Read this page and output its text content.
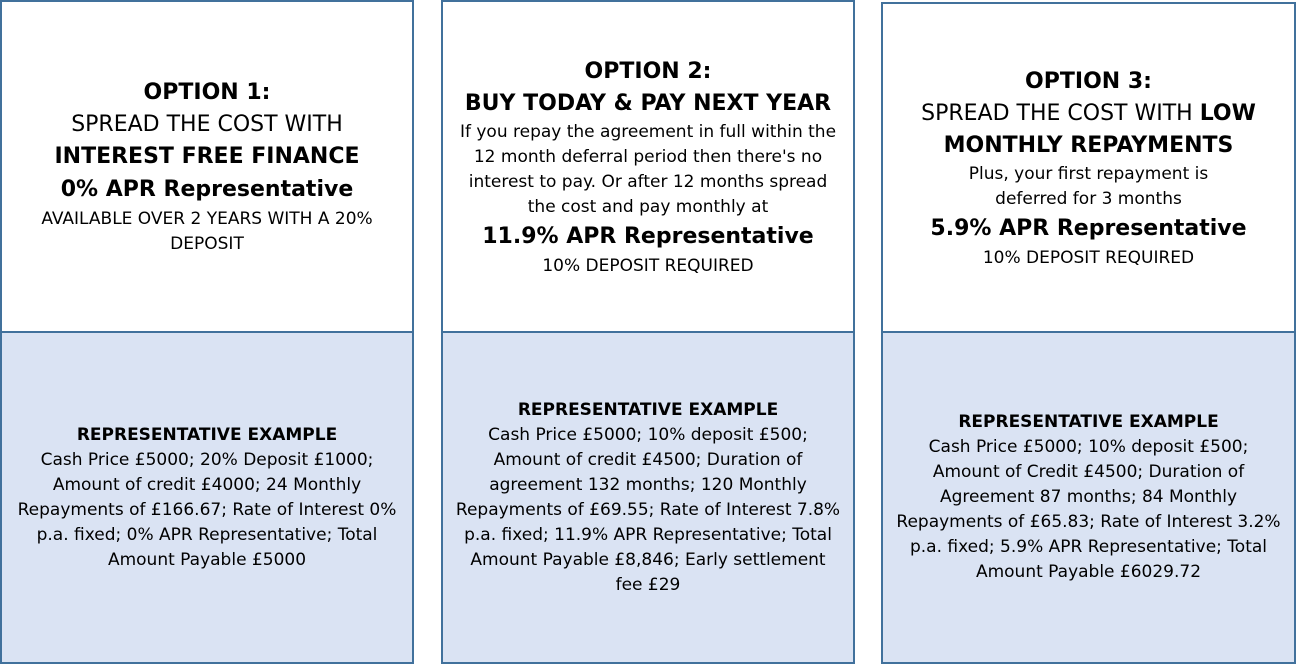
OPTION 1:
SPREAD THE COST WITH
INTEREST FREE FINANCE
0% APR Representative
AVAILABLE OVER 2 YEARS WITH A 20%
DEPOSIT
REPRESENTATIVE EXAMPLE
Cash Price £5000; 20% Deposit £1000;
Amount of credit £4000; 24 Monthly
Repayments of £166.67; Rate of Interest 0%
p.a. fixed; 0% APR Representative; Total
Amount Payable £5000
OPTION 2:
BUY TODAY & PAY NEXT YEAR
If you repay the agreement in full within the
12 month deferral period then there's no
interest to pay. Or after 12 months spread
the cost and pay monthly at
11.9% APR Representative
10% DEPOSIT REQUIRED
REPRESENTATIVE EXAMPLE
Cash Price £5000; 10% deposit £500;
Amount of credit £4500; Duration of
agreement 132 months; 120 Monthly
Repayments of £69.55; Rate of Interest 7.8%
p.a. fixed; 11.9% APR Representative; Total
Amount Payable £8,846; Early settlement
fee £29
OPTION 3:
SPREAD THE COST WITH LOW
MONTHLY REPAYMENTS
Plus, your first repayment is
deferred for 3 months
5.9% APR Representative
10% DEPOSIT REQUIRED
REPRESENTATIVE EXAMPLE
Cash Price £5000; 10% deposit £500;
Amount of Credit £4500; Duration of
Agreement 87 months; 84 Monthly
Repayments of £65.83; Rate of Interest 3.2%
p.a. fixed; 5.9% APR Representative; Total
Amount Payable £6029.72
